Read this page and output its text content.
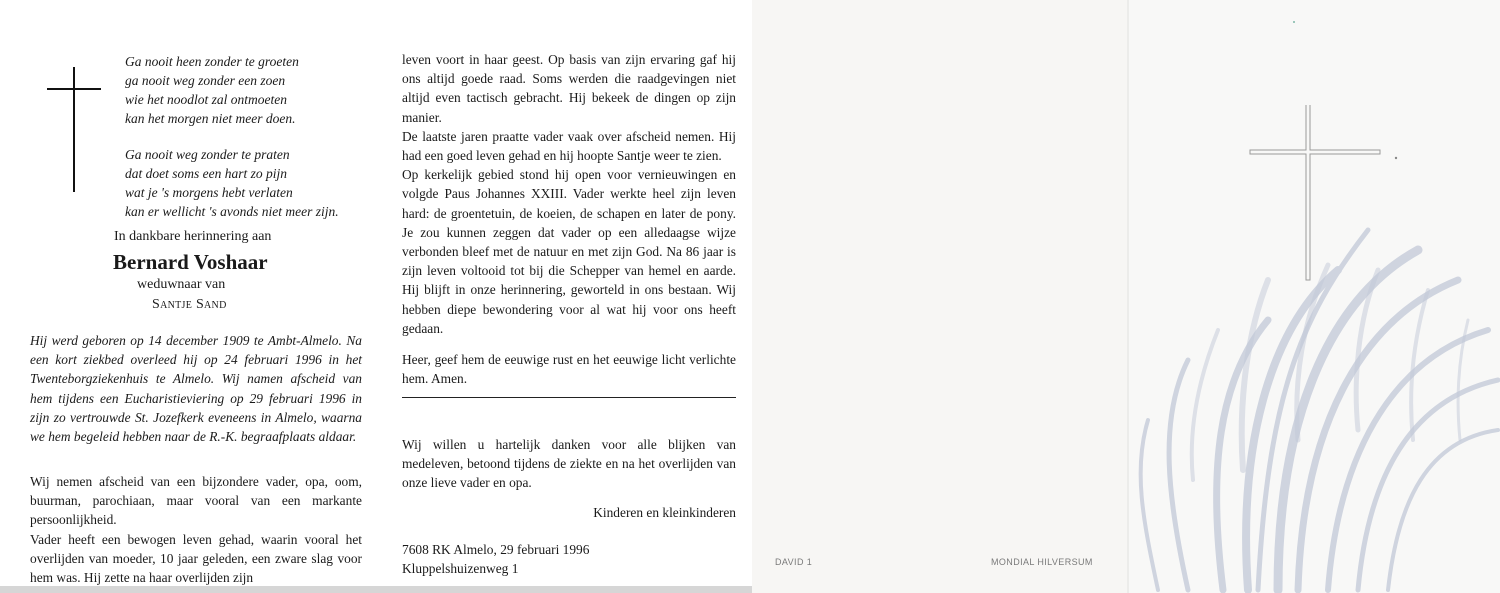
Ga nooit heen zonder te groeten

ga nooit weg zonder een zoen

wie het noodlot zal ontmoeten

kan het morgen niet meer doen.

Ga nooit weg zonder te praten

dat doet soms een hart zo pijn

wat je 's morgens hebt verlaten

kan er wellicht 's avonds niet meer zijn.

In dankbare herinnering aan
Bernard Voshaar
weduwnaar van
Santje Sand

Hij werd geboren op 14 december 1909 te Ambt-Almelo. Na een kort ziekbed overleed hij op 24 februari 1996 in het Twenteborgziekenhuis te Almelo. Wij namen afscheid van hem tijdens een Eucharistieviering op 29 februari 1996 in zijn zo vertrouwde St. Jozefkerk eveneens in Almelo, waarna we hem begeleid hebben naar de R.-K. begraafplaats aldaar.

Wij nemen afscheid van een bijzondere vader, opa, oom, buurman, parochiaan, maar vooral van een markante persoonlijkheid.

Vader heeft een bewogen leven gehad, waarin vooral het overlijden van moeder, 10 jaar geleden, een zware slag voor hem was. Hij zette na haar overlijden zijn

leven voort in haar geest. Op basis van zijn ervaring gaf hij ons altijd goede raad. Soms werden die raadgevingen niet altijd even tactisch gebracht. Hij bekeek de dingen op zijn manier.

De laatste jaren praatte vader vaak over afscheid nemen. Hij had een goed leven gehad en hij hoopte Santje weer te zien.

Op kerkelijk gebied stond hij open voor vernieuwingen en volgde Paus Johannes XXIII. Vader werkte heel zijn leven hard: de groentetuin, de koeien, de schapen en later de pony. Je zou kunnen zeggen dat vader op een alledaagse wijze verbonden bleef met de natuur en met zijn God. Na 86 jaar is zijn leven voltooid tot bij die Schepper van hemel en aarde. Hij blijft in onze herinnering, geworteld in ons bestaan. Wij hebben diepe bewondering voor al wat hij voor ons heeft gedaan.

Heer, geef hem de eeuwige rust en het eeuwige licht verlichte hem. Amen.

Wij willen u hartelijk danken voor alle blijken van medeleven, betoond tijdens de ziekte en na het overlijden van onze lieve vader en opa.

Kinderen en kleinkinderen
7608 RK Almelo, 29 februari 1996
Kluppelshuizenweg 1	DAVID 1	MONDIAL HILVERSUM
